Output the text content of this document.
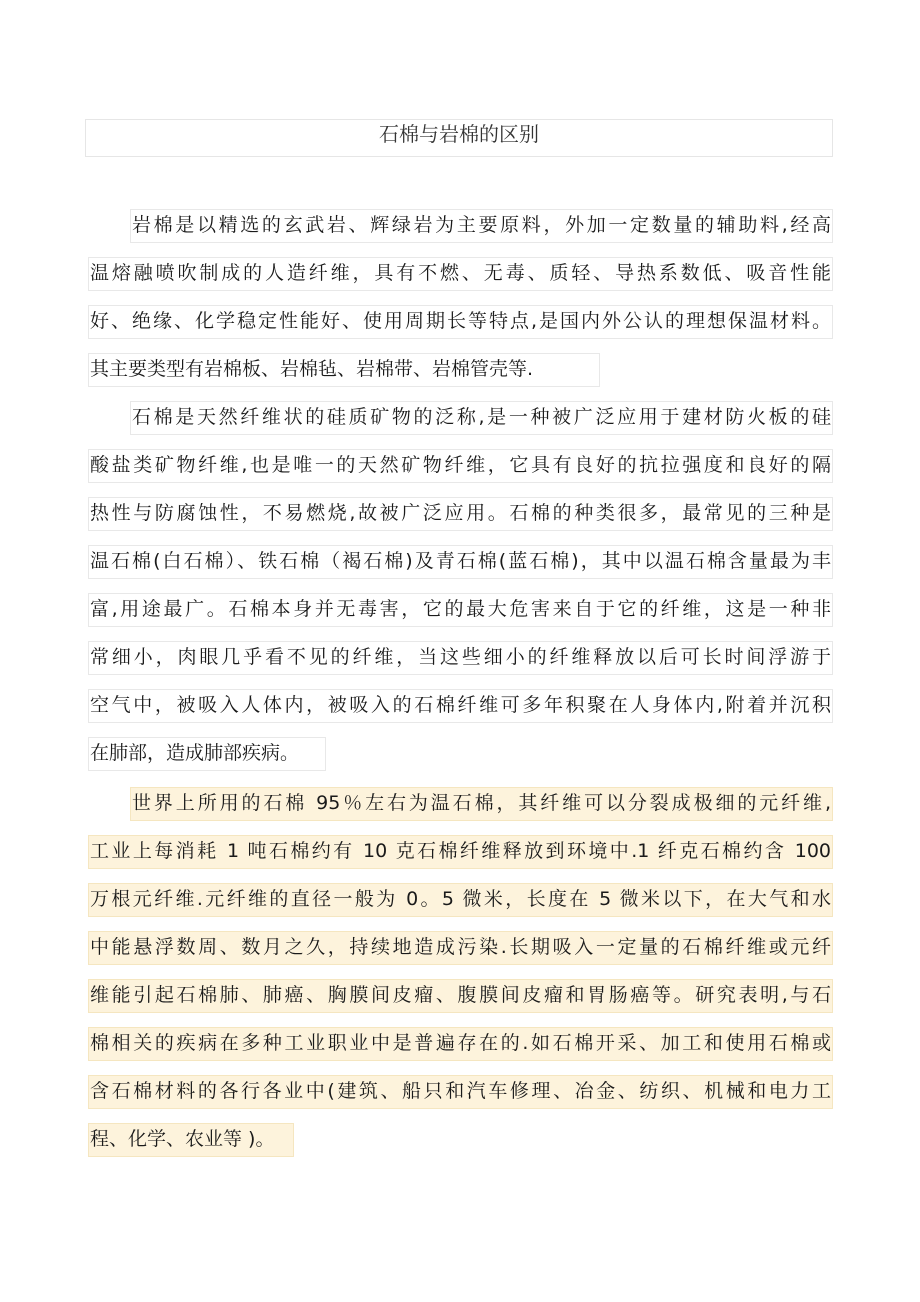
石棉与岩棉的区别
岩棉是以精选的玄武岩、辉绿岩为主要原料，外加一定数量的辅助料,经高
温熔融喷吹制成的人造纤维，具有不燃、无毒、质轻、导热系数低、吸音性能
好、绝缘、化学稳定性能好、使用周期长等特点,是国内外公认的理想保温材料。
其主要类型有岩棉板、岩棉毡、岩棉带、岩棉管壳等.
石棉是天然纤维状的硅质矿物的泛称,是一种被广泛应用于建材防火板的硅
酸盐类矿物纤维,也是唯一的天然矿物纤维，它具有良好的抗拉强度和良好的隔
热性与防腐蚀性，不易燃烧,故被广泛应用。石棉的种类很多，最常见的三种是
温石棉(白石棉）、铁石棉（褐石棉)及青石棉(蓝石棉)，其中以温石棉含量最为丰
富,用途最广。石棉本身并无毒害，它的最大危害来自于它的纤维，这是一种非
常细小，肉眼几乎看不见的纤维，当这些细小的纤维释放以后可长时间浮游于
空气中，被吸入人体内，被吸入的石棉纤维可多年积聚在人身体内,附着并沉积
在肺部，造成肺部疾病。
世界上所用的石棉 95％左右为温石棉，其纤维可以分裂成极细的元纤维,
工业上每消耗 1 吨石棉约有 10 克石棉纤维释放到环境中.1 纤克石棉约含 100
万根元纤维.元纤维的直径一般为 0。5 微米，长度在 5 微米以下，在大气和水
中能悬浮数周、数月之久，持续地造成污染.长期吸入一定量的石棉纤维或元纤
维能引起石棉肺、肺癌、胸膜间皮瘤、腹膜间皮瘤和胃肠癌等。研究表明,与石
棉相关的疾病在多种工业职业中是普遍存在的.如石棉开采、加工和使用石棉或
含石棉材料的各行各业中(建筑、船只和汽车修理、冶金、纺织、机械和电力工
程、化学、农业等 )。
